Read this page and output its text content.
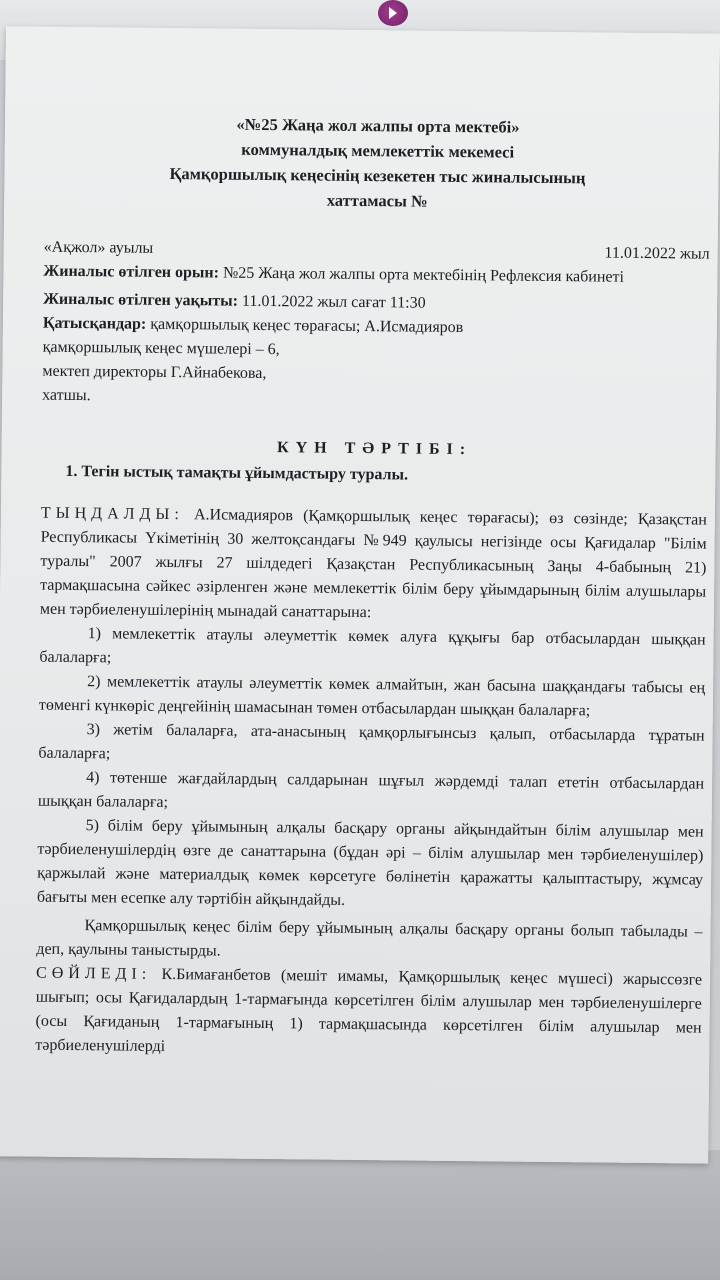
«№25 Жаңа жол жалпы орта мектебі»
коммуналдық мемлекеттік мекемесі
Қамқоршылық кеңесінің кезекетен тыс жиналысының
хаттамасы №
«Ақжол» ауылы	11.01.2022 жыл

Жиналыс өтілген орын: №25 Жаңа жол жалпы орта мектебінің Рефлексия кабинеті

Жиналыс өтілген уақыты: 11.01.2022 жыл сағат 11:30

Қатысқандар: қамқоршылық кеңес төрағасы; А.Исмадияров

қамқоршылық кеңес мүшелері – 6,

мектеп директоры Г.Айнабекова,

хатшы.

КҮН ТӘРТІБІ:
1. Тегін ыстық тамақты ұйымдастыру туралы.

ТЫҢДАЛДЫ: А.Исмадияров (Қамқоршылық кеңес төрағасы); өз сөзінде; Қазақстан Республикасы Үкіметінің 30 желтоқсандағы №949 қаулысы негізінде осы Қағидалар "Білім туралы" 2007 жылғы 27 шілдедегі Қазақстан Республикасының Заңы 4-бабының 21) тармақшасына сәйкес әзірленген және мемлекеттік білім беру ұйымдарының білім алушылары мен тәрбиеленушілерінің мынадай санаттарына:

1) мемлекеттік атаулы әлеуметтік көмек алуға құқығы бар отбасылардан шыққан балаларға;

2) мемлекеттік атаулы әлеуметтік көмек алмайтын, жан басына шаққандағы табысы ең төменгі күнкөріс деңгейінің шамасынан төмен отбасылардан шыққан балаларға;

3) жетім балаларға, ата-анасының қамқорлығынсыз қалып, отбасыларда тұратын балаларға;

4) төтенше жағдайлардың салдарынан шұғыл жәрдемді талап ететін отбасылардан шыққан балаларға;

5) білім беру ұйымының алқалы басқару органы айқындайтын білім алушылар мен тәрбиеленушілердің өзге де санаттарына (бұдан әрі – білім алушылар мен тәрбиеленушілер) қаржылай және материалдық көмек көрсетуге бөлінетін қаражатты қалыптастыру, жұмсау бағыты мен есепке алу тәртібін айқындайды.

Қамқоршылық кеңес білім беру ұйымының алқалы басқару органы болып табылады – деп, қаулыны таныстырды.

СӨЙЛЕДІ: К.Бимағанбетов (мешіт имамы, Қамқоршылық кеңес мүшесі) жарыссөзге шығып; осы Қағидалардың 1-тармағында көрсетілген білім алушылар мен тәрбиеленушілерге (осы Қағиданың 1-тармағының 1) тармақшасында көрсетілген білім алушылар мен тәрбиеленушілерді
